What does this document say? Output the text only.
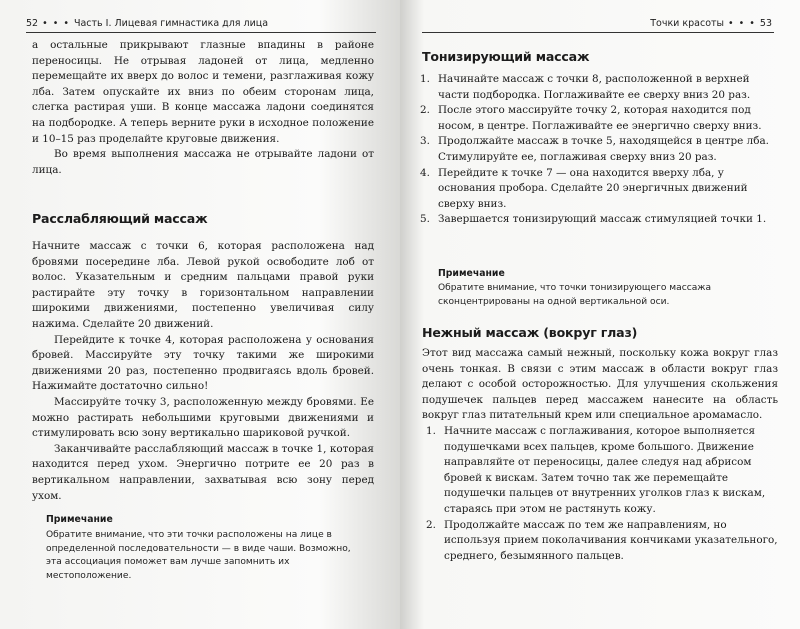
52 • • • Часть I. Лицевая гимнастика для лица

а остальные прикрывают глазные впадины в районе переносицы. Не отрывая ладоней от лица, медленно перемещайте их вверх до волос и темени, разглаживая кожу лба. Затем опускайте их вниз по обеим сторонам лица, слегка растирая уши. В конце массажа ладони соединятся на подбородке. А теперь верните руки в исходное положение и 10–15 раз проделайте круговые движения.

Во время выполнения массажа не отрывайте ладони от лица.

Расслабляющий массаж

Начните массаж с точки 6, которая расположена над бровями посередине лба. Левой рукой освободите лоб от волос. Указательным и средним пальцами правой руки растирайте эту точку в горизонтальном направлении широкими движениями, постепенно увеличивая силу нажима. Сделайте 20 движений.

Перейдите к точке 4, которая расположена у основания бровей. Массируйте эту точку такими же широкими движениями 20 раз, постепенно продвигаясь вдоль бровей. Нажимайте достаточно сильно!

Массируйте точку 3, расположенную между бровями. Ее можно растирать небольшими круговыми движениями и стимулировать всю зону вертикально шариковой ручкой.

Заканчивайте расслабляющий массаж в точке 1, которая находится перед ухом. Энергично потрите ее 20 раз в вертикальном направлении, захватывая всю зону перед ухом.

Примечание

Обратите внимание, что эти точки расположены на лице в определенной последовательности — в виде чаши. Возможно, эта ассоциация поможет вам лучше запомнить их местоположение.

Точки красоты • • • 53
Тонизирующий массаж
1. Начинайте массаж с точки 8, расположенной в верхней части подбородка. Поглаживайте ее сверху вниз 20 раз.
2. После этого массируйте точку 2, которая находится под носом, в центре. Поглаживайте ее энергично сверху вниз.
3. Продолжайте массаж в точке 5, находящейся в центре лба. Стимулируйте ее, поглаживая сверху вниз 20 раз.
4. Перейдите к точке 7 — она находится вверху лба, у основания пробора. Сделайте 20 энергичных движений сверху вниз.
5. Завершается тонизирующий массаж стимуляцией точки 1.

Примечание

Обратите внимание, что точки тонизирующего массажа сконцентрированы на одной вертикальной оси.

Нежный массаж (вокруг глаз)

Этот вид массажа самый нежный, поскольку кожа вокруг глаз очень тонкая. В связи с этим массаж в области вокруг глаз делают с особой осторожностью. Для улучшения скольжения подушечек пальцев перед массажем нанесите на область вокруг глаз питательный крем или специальное аромамасло.

1. Начните массаж с поглаживания, которое выполняется подушечками всех пальцев, кроме большого. Движение направляйте от переносицы, далее следуя над абрисом бровей к вискам. Затем точно так же перемещайте подушечки пальцев от внутренних уголков глаз к вискам, стараясь при этом не растянуть кожу.
2. Продолжайте массаж по тем же направлениям, но используя прием поколачивания кончиками указательного, среднего, безымянного пальцев.
